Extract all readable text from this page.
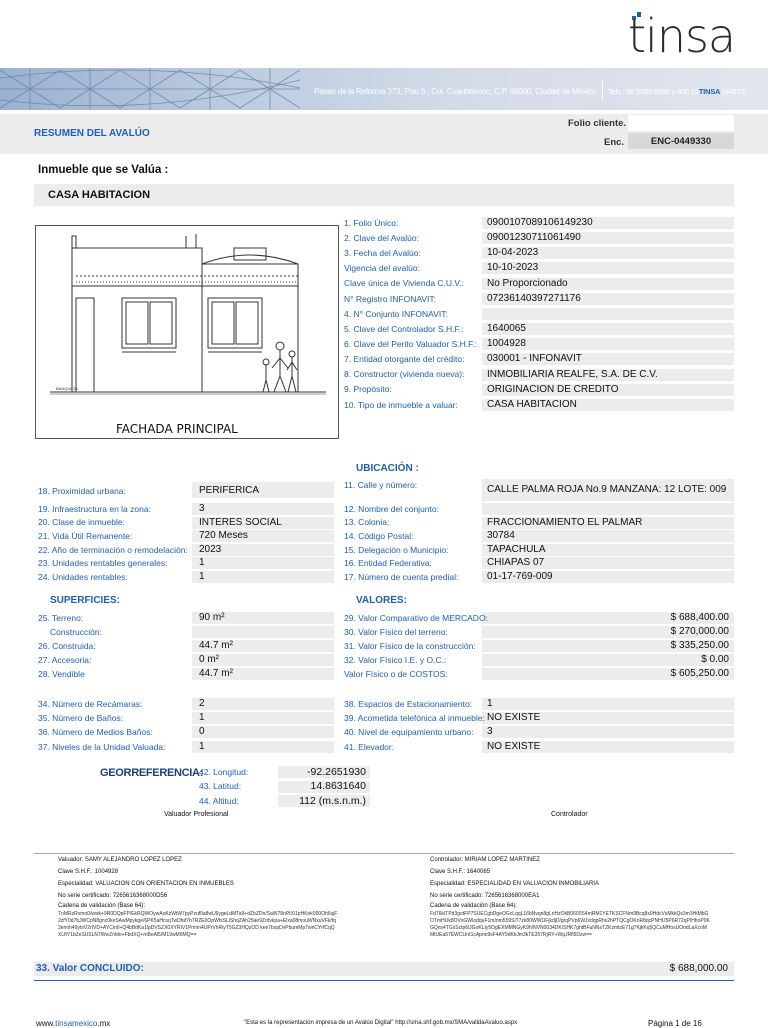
tinsa
Paseo de la Reforma 373, Piso 5 , Col. Cuauhtémoc, C.P. 06500, Ciudad de México Tels.: 55 5080 9090 y 800 22TINSA (84672)
RESUMEN DEL AVALÚO
Folio cliente.
Enc.	ENC-0449330
Inmueble que se Valúa :
CASA HABITACION
BANQUETA
FACHADA PRINCIPAL
1. Folio Único:	0900107089106149230
2. Clave del Avalúo:	09001230711061490
3. Fecha del Avalúo:	10-04-2023
Vigencia del avalúo:	10-10-2023
Clave única de Vivienda C.U.V.: No Proporcionado
N° Registro INFONAVIT:	07236140397271176
4. N° Conjunto INFONAVIT:
5. Clave del Controlador S.H.F.: 1640065
6. Clave del Perito Valuador S.H.F.: 1004928
7. Entidad otorgante del crédito: 030001 - INFONAVIT
8. Constructor (vivienda nueva): INMOBILIARIA REALFE, S.A. DE C.V.
9. Propósito:	ORIGINACION DE CREDITO
10. Tipo de inmueble a valuar:	CASA HABITACION
UBICACIÓN :
11. Calle y número:	CALLE PALMA ROJA No.9 MANZANA: 12 LOTE: 009
18. Proximidad urbana:	PERIFERICA
19. Infraestructura en la zona:	3
20. Clase de inmueble:	INTERES SOCIAL
21. Vida Útil Remanente:	720 Meses
22. Año de terminación o remodelación: 2023
23. Unidades rentables generales:	1
24. Unidades rentables:	1
12. Nombre del conjunto:
13. Colonia:	FRACCIONAMIENTO EL PALMAR
14. Código Postal:	30784
15. Delegación o Municipio:	TAPACHULA
16. Entidad Federativa:	CHIAPAS 07
17. Número de cuenta predial:	01-17-769-009
SUPERFICIES:	VALORES:
25. Terreno:	90 m²
Construcción:
26. Construida:	44.7 m²
27. Accesoria:	0 m²
28. Vendible	44.7 m²
29. Valor Comparativo de MERCADO:	$ 688,400.00
30. Valor Físico del terreno:	$ 270,000.00
31. Valor Físico de la construcción:	$ 335,250.00
32. Valor Físico I.E. y O.C.:	$ 0.00
Valor Físico o de COSTOS:	$ 605,250.00
34. Número de Recámaras:	2
35. Número de Baños:	1
36. Número de Medios Baños:	0
37. Niveles de la Unidad Valuada:	1
38. Espacios de Estacionamiento: 1
39. Acometida telefónica al inmueble: NO EXISTE
40. Nivel de equipamiento urbano: 3
41. Elevador:	NO EXISTE
GEORREFERENCIA:
42. Longitud:	-92.2651930
43. Latitud:	14.8631640
44. Altitud:	112 (m.s.n.m.)
Valuador Profesional	Controlador
Valuador: SAMY ALEJANDRO LOPEZ LOPEZ
Clave S.H.F.: 1004928
Especialidad: VALUACION CON ORIENTACION EN INMUEBLES
No serie certificado: 7265616368000D56
Cadena de validación (Base 64):
TnMRzRvmo0/wwk+9R0DQpFP/EkRQWOywAoKzWtW7pyPzuf0a8wU9ygeLdMTa9+dZbZDn/SaW78nPtXi1pHKnk000Oh6sjF2zfY0d7bJWCpN8gnz0keSAwMpykge/6PK5aHcsqTwDfaf7h7RZE0OpWfsSLiShqZAh25ae9Zrdvkpa+Elxa08mouWNxuVFk/tq3ennh49ytsV2rIVD+AYCmIl+Q4bBdKa1lpDVSZX0XYRIV1Pmnn4UPrVhRiyT5GZ3HQzOD kee7bxpDvPbumMp7wnCYrfCqQXLftY1b2eSUSLN7WwZnldo+FbdXQ+mBeAl5/M19wM9MQ==
Controlador: MIRIAM LOPEZ MARTINEZ
Clave S.H.F.: 1640065
Especialidad: ESPECIALIDAD EN VALUACION INMOBILIARIA
No serie certificado: 7265616368000EA1
Cadena de validación (Base 64):
Fd76kITPd3gotFP7SUECgbDgeOGcLqqL16bNvqn8gLriHzOkB0600S4mRM1YETKSCFNm9Bcq8x0HdcVxMkkQs3m3HtMbGOTmHUk8OVxGWIodquF1m/nm559SiT7zk80WW1lFjkdjD/grqPVp6WJxdqpRhx2hPTQCgOKnR8qcPNHIJ5P6R72qPIHhoP0KGQns4TGxSctp6lJGoKLty5OgEXMMNGyK9h/NVN0034DK/SHK7ghtBFuNNsTZKzmtzE71g7KjkKq5QCuMHosUOodLaXcoMMtUEa57EWCUrd1cApnn9sF4AY9dKkJm3kTE357RjRY+WqJRfi5Dzw==
33. Valor CONCLUIDO:	$ 688,000.00
www.tinsamexico.mx	"Esta es la representación impresa de un Avalúo Digital" http://sma.shf.gob.mx/SMA/validaAvaluo.aspx	Página 1 de 16
